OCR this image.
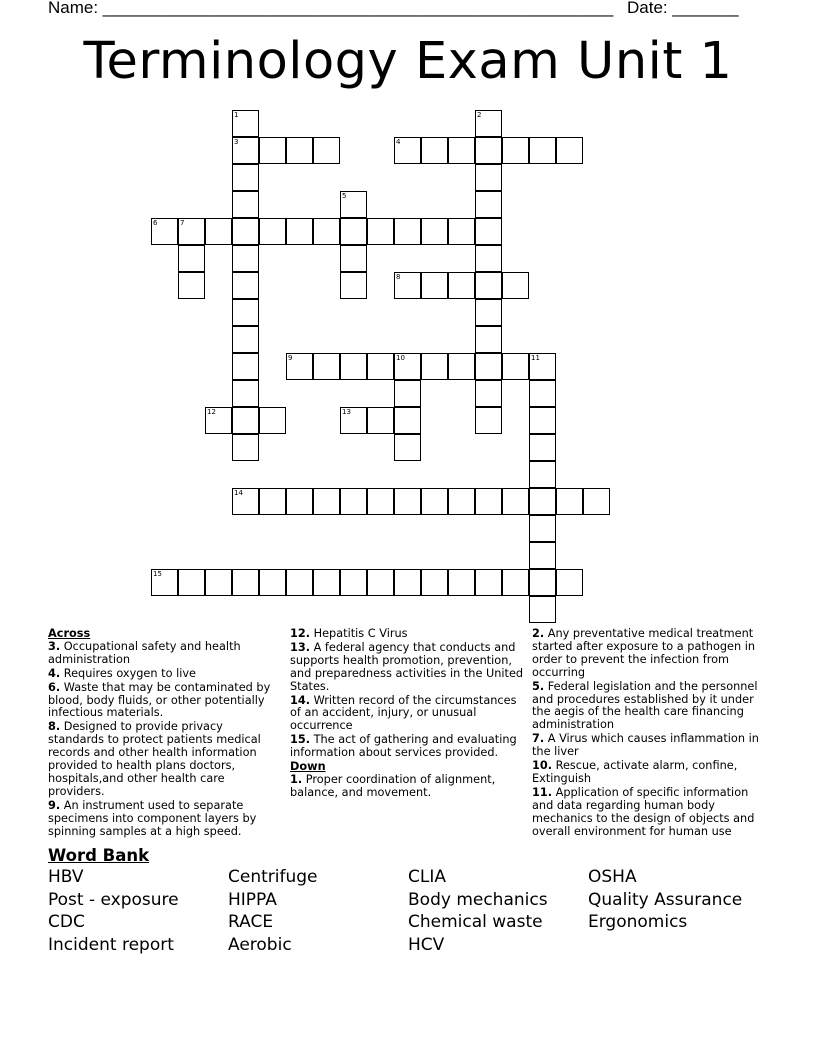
Name: ______________________________________________________ Date: _______
Terminology Exam Unit 1
3	4
6	7
8
9	10	11
12	13
14
15
1	2
5
Across
3. Occupational safety and health administration
4. Requires oxygen to live
6. Waste that may be contaminated by blood, body fluids, or other potentially infectious materials.
8. Designed to provide privacy standards to protect patients medical records and other health information provided to health plans doctors, hospitals,and other health care providers.
9. An instrument used to separate specimens into component layers by spinning samples at a high speed.
12. Hepatitis C Virus
13. A federal agency that conducts and supports health promotion, prevention, and preparedness activities in the United States.
14. Written record of the circumstances of an accident, injury, or unusual occurrence
15. The act of gathering and evaluating information about services provided.
Down
1. Proper coordination of alignment, balance, and movement.
2. Any preventative medical treatment started after exposure to a pathogen in order to prevent the infection from occurring
5. Federal legislation and the personnel and procedures established by it under the aegis of the health care financing administration
7. A Virus which causes inflammation in the liver
10. Rescue, activate alarm, confine, Extinguish
11. Application of specific information and data regarding human body mechanics to the design of objects and overall environment for human use
Word Bank
HBV
Post - exposure
CDC
Incident report
Centrifuge
HIPPA
RACE
Aerobic
CLIA
Body mechanics
Chemical waste
HCV
OSHA
Quality Assurance
Ergonomics
